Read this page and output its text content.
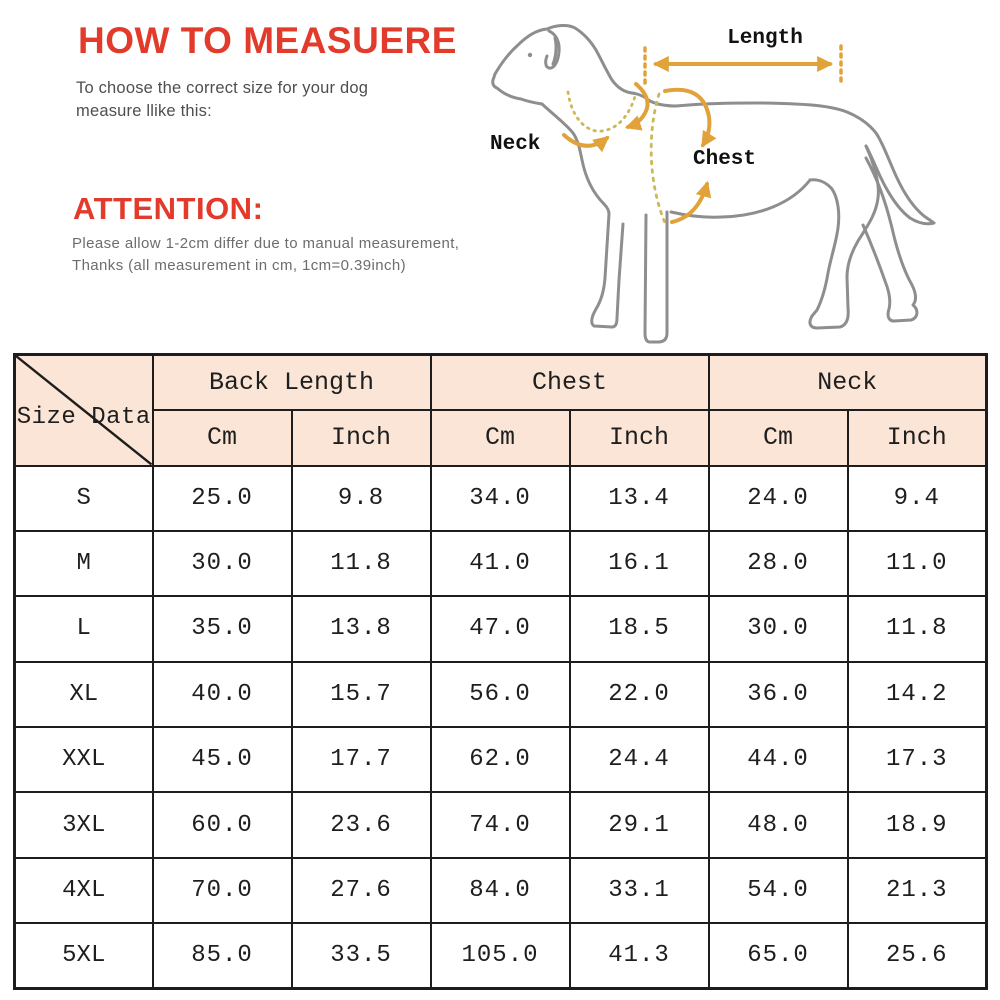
HOW TO MEASUERE
To choose the correct size for your dog
measure llike this:
ATTENTION:
Please allow 1-2cm differ due to manual measurement,
Thanks (all measurement in cm, 1cm=0.39inch)
Length
Neck
Chest
Size Data	Back Length		Chest		Neck	
	Cm	Inch	Cm	Inch	Cm	Inch
S	25.0	9.8	34.0	13.4	24.0	9.4
M	30.0	11.8	41.0	16.1	28.0	11.0
L	35.0	13.8	47.0	18.5	30.0	11.8
XL	40.0	15.7	56.0	22.0	36.0	14.2
XXL	45.0	17.7	62.0	24.4	44.0	17.3
3XL	60.0	23.6	74.0	29.1	48.0	18.9
4XL	70.0	27.6	84.0	33.1	54.0	21.3
5XL	85.0	33.5	105.0	41.3	65.0	25.6
